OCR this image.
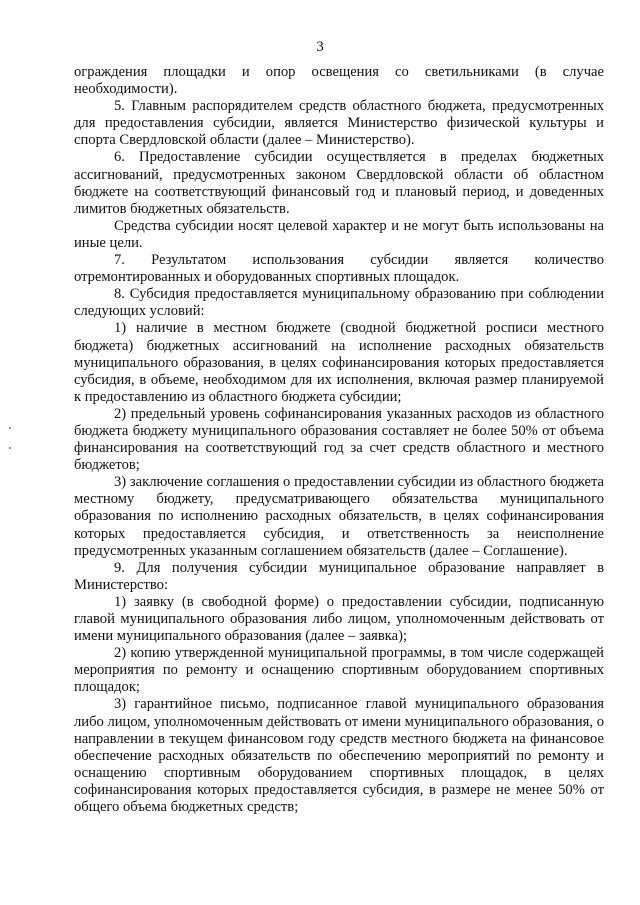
3

ограждения площадки и опор освещения со светильниками (в случае необходимости).

5. Главным распорядителем средств областного бюджета, предусмотренных для предоставления субсидии, является Министерство физической культуры и спорта Свердловской области (далее – Министерство).

6. Предоставление субсидии осуществляется в пределах бюджетных ассигнований, предусмотренных законом Свердловской области об областном бюджете на соответствующий финансовый год и плановый период, и доведенных лимитов бюджетных обязательств.

Средства субсидии носят целевой характер и не могут быть использованы на иные цели.

7. Результатом использования субсидии является количество отремонтированных и оборудованных спортивных площадок.

8. Субсидия предоставляется муниципальному образованию при соблюдении следующих условий:

1) наличие в местном бюджете (сводной бюджетной росписи местного бюджета) бюджетных ассигнований на исполнение расходных обязательств муниципального образования, в целях софинансирования которых предоставляется субсидия, в объеме, необходимом для их исполнения, включая размер планируемой к предоставлению из областного бюджета субсидии;

2) предельный уровень софинансирования указанных расходов из областного бюджета бюджету муниципального образования составляет не более 50% от объема финансирования на соответствующий год за счет средств областного и местного бюджетов;

3) заключение соглашения о предоставлении субсидии из областного бюджета местному бюджету, предусматривающего обязательства муниципального образования по исполнению расходных обязательств, в целях софинансирования которых предоставляется субсидия, и ответственность за неисполнение предусмотренных указанным соглашением обязательств (далее – Соглашение).

9. Для получения субсидии муниципальное образование направляет в Министерство:

1) заявку (в свободной форме) о предоставлении субсидии, подписанную главой муниципального образования либо лицом, уполномоченным действовать от имени муниципального образования (далее – заявка);

2) копию утвержденной муниципальной программы, в том числе содержащей мероприятия по ремонту и оснащению спортивным оборудованием спортивных площадок;

3) гарантийное письмо, подписанное главой муниципального образования либо лицом, уполномоченным действовать от имени муниципального образования, о направлении в текущем финансовом году средств местного бюджета на финансовое обеспечение расходных обязательств по обеспечению мероприятий по ремонту и оснащению спортивным оборудованием спортивных площадок, в целях софинансирования которых предоставляется субсидия, в размере не менее 50% от общего объема бюджетных средств;
